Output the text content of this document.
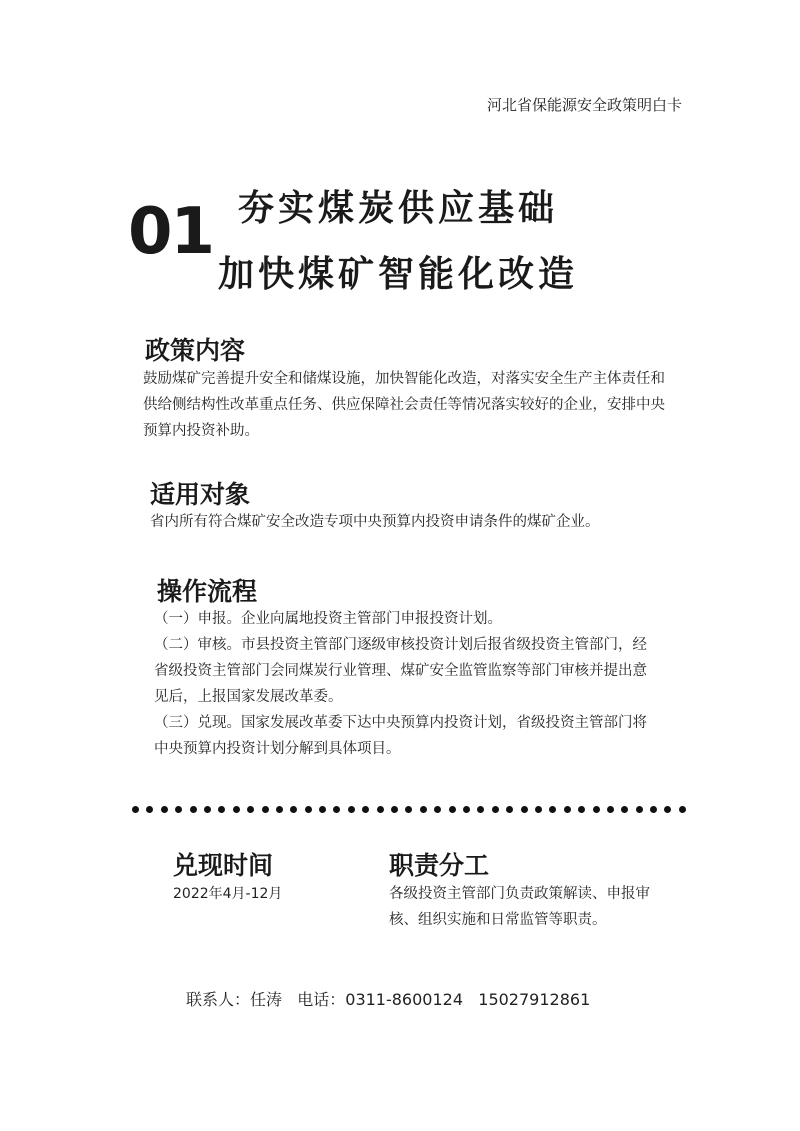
河北省保能源安全政策明白卡
01 夯实煤炭供应基础
加快煤矿智能化改造
政策内容
鼓励煤矿完善提升安全和储煤设施，加快智能化改造，对落实安全生产主体责任和
供给侧结构性改革重点任务、供应保障社会责任等情况落实较好的企业，安排中央
预算内投资补助。
适用对象
省内所有符合煤矿安全改造专项中央预算内投资申请条件的煤矿企业。
操作流程
（一）申报。企业向属地投资主管部门申报投资计划。
（二）审核。市县投资主管部门逐级审核投资计划后报省级投资主管部门，经
省级投资主管部门会同煤炭行业管理、煤矿安全监管监察等部门审核并提出意
见后，上报国家发展改革委。
（三）兑现。国家发展改革委下达中央预算内投资计划，省级投资主管部门将
中央预算内投资计划分解到具体项目。
兑现时间
2022年4月-12月
职责分工
各级投资主管部门负责政策解读、申报审
核、组织实施和日常监管等职责。
联系人：任涛   电话：0311-8600124   15027912861
